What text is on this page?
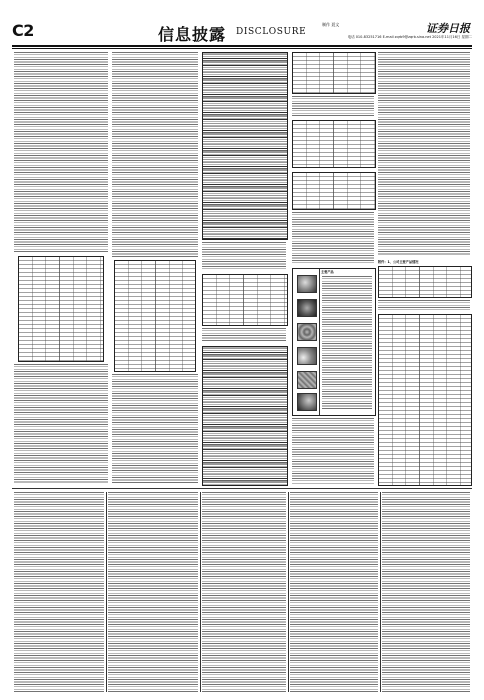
C2	信息披露 DISCLOSURE
制作 聂文	证券日报
电话 010-83251716 E-mail zqrb9@zqrb.sina.net 2021年11月16日 星期二
主要产品
附件：1、公司主要产品情况
